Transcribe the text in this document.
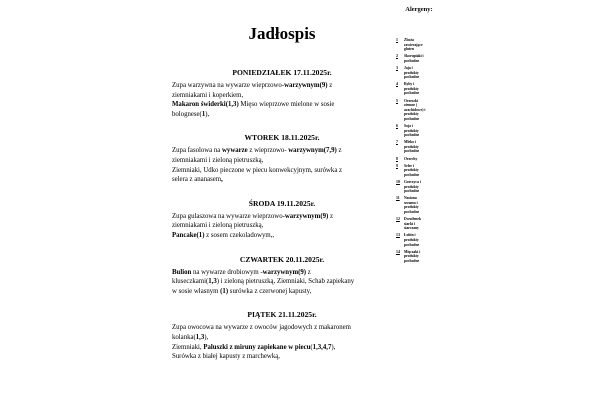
Jadłospis
PONIEDZIAŁEK 17.11.2025r.
Zupa warzywna na wywarze wieprzowo-warzywnym(9) z
ziemniakami i koperkiem,
Makaron świderki(1,3) Mięso wieprzowe mielone w sosie
bolognese(1),
WTOREK 18.11.2025r.
Zupa fasolowa na wywarze z wieprzowo- warzywnym(7,9) z
ziemniakami i zieloną pietruszką,
Ziemniaki, Udko pieczone w piecu konwekcyjnym, surówka z
selera z ananasem,
ŚRODA 19.11.2025r.
Zupa gulaszowa na wywarze wieprzowo-warzywnym(9) z
ziemniakami i zieloną pietruszką,
Pancake(1) z sosem czekoladowym,,
CZWARTEK 20.11.2025r.
Bulion na wywarze drobiowym -warzywnym(9) z
kluseczkami(1,3) i zieloną pietruszką, Ziemniaki, Schab zapiekany
w sosie własnym (1) surówka z czerwonej kapusty,
PIĄTEK 21.11.2025r.
Zupa owocowa na wywarze z owoców jagodowych z makaronem
kolanka(1,3),
Ziemniaki, Paluszki z miruny zapiekane w piecu(1,3,4,7),
Surówka z białej kapusty z marchewką,
Alergeny:
1	Zboża
zawierające
gluten
2	Skorupiaki i
pochodne
3	Jaja i
produkty
pochodne
4	Ryby i
produkty
pochodne
5	Orzeszki
ziemne (
arachidowe) i
produkty
pochodne
6	Soja i
produkty
pochodne
7	Mleko i
produkty
pochodne
8	Orzechy
9	Seler i
produkty
pochodne
10	Gorczyca i
produkty
pochodne
11	Nasiona
sezamu i
produkty
pochodne
12	Dwutlenek
siarki i
siarczany
13	Łubin i
produkty
pochodne
14	Mięczaki i
produkty
pochodne
